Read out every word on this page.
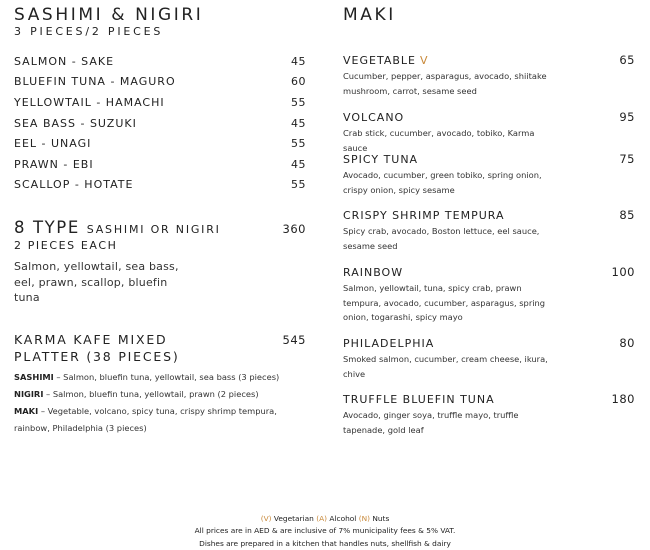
SASHIMI & NIGIRI
3 PIECES/2 PIECES
SALMON - SAKE	45
BLUEFIN TUNA - MAGURO	60
YELLOWTAIL - HAMACHI	55
SEA BASS - SUZUKI	45
EEL - UNAGI	55
PRAWN - EBI	45
SCALLOP - HOTATE	55
8 TYPE SASHIMI OR NIGIRI
2 PIECES EACH
360
Salmon, yellowtail, sea bass, eel, prawn, scallop, bluefin tuna
KARMA KAFE MIXED
PLATTER (38 PIECES)
545
SASHIMI – Salmon, bluefin tuna, yellowtail, sea bass (3 pieces)
NIGIRI – Salmon, bluefin tuna, yellowtail, prawn (2 pieces)
MAKI – Vegetable, volcano, spicy tuna, crispy shrimp tempura, rainbow, Philadelphia (3 pieces)
MAKI
VEGETABLE V	65
Cucumber, pepper, asparagus, avocado, shiitake mushroom, carrot, sesame seed
VOLCANO	95
Crab stick, cucumber, avocado, tobiko, Karma sauce
SPICY TUNA	75
Avocado, cucumber, green tobiko, spring onion, crispy onion, spicy sesame
CRISPY SHRIMP TEMPURA	85
Spicy crab, avocado, Boston lettuce, eel sauce, sesame seed
RAINBOW	100
Salmon, yellowtail, tuna, spicy crab, prawn tempura, avocado, cucumber, asparagus, spring onion, togarashi, spicy mayo
PHILADELPHIA	80
Smoked salmon, cucumber, cream cheese, ikura, chive
TRUFFLE BLUEFIN TUNA	180
Avocado, ginger soya, truffle mayo, truffle tapenade, gold leaf
(V) Vegetarian (A) Alcohol (N) Nuts
All prices are in AED & are inclusive of 7% municipality fees & 5% VAT.
Dishes are prepared in a kitchen that handles nuts, shellfish & dairy
